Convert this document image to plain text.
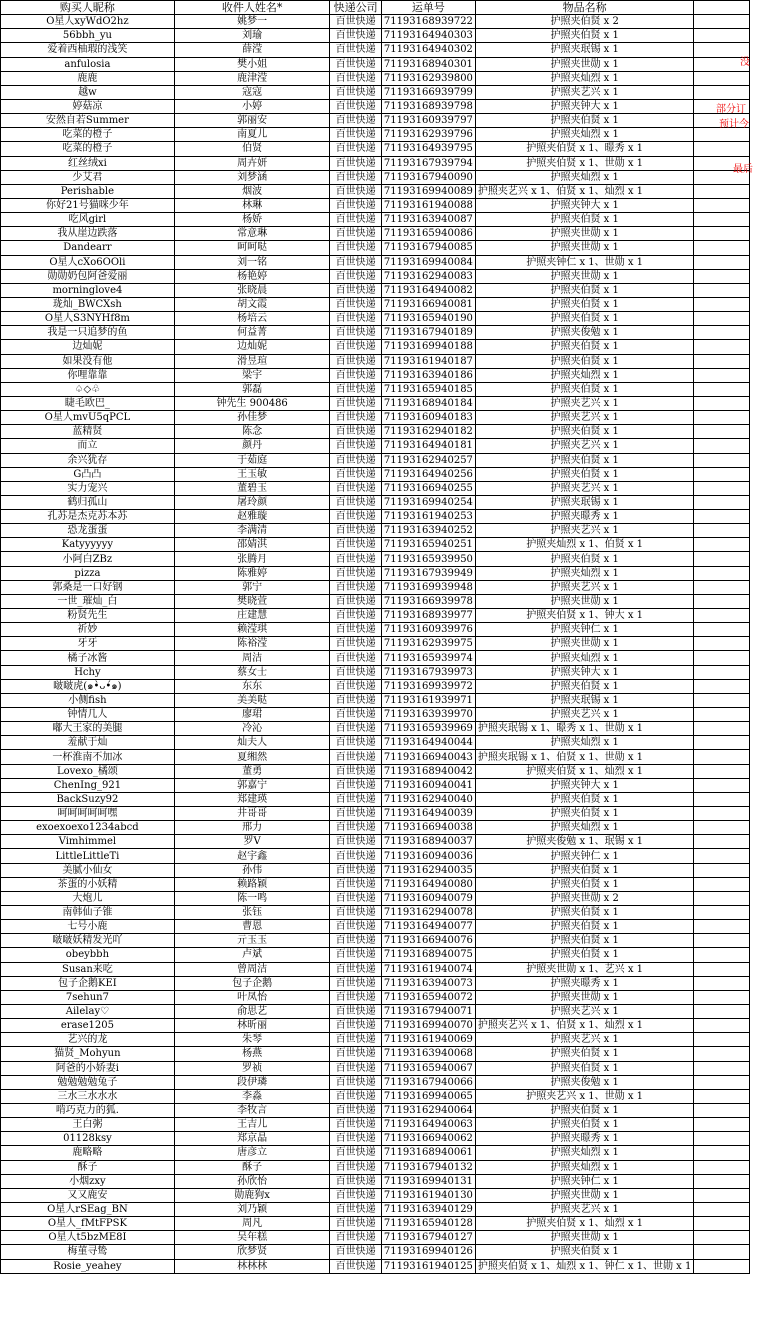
购买人昵称	收件人姓名*	快递公司	运单号	物品名称	
O星人xyWdO2hz	姚梦一	百世快递	71193168939722	护照夹伯贤 x 2	
56bbh_yu	刘瑜	百世快递	71193164940303	护照夹伯贤 x 1	
爱着西柚瑕的浅笑	薛滢	百世快递	71193164940302	护照夹珉锡 x 1	
anfulosia	樊小姐	百世快递	71193168940301	护照夹世勋 x 1	
鹿鹿	鹿津滢	百世快递	71193162939800	护照夹灿烈 x 1	
越w	寇寇	百世快递	71193166939799	护照夹艺兴 x 1	
婷菇凉	小婷	百世快递	71193168939798	护照夹钟大 x 1	
安然自若Summer	郭丽安	百世快递	71193160939797	护照夹伯贤 x 1	
吃菜的橙子	南夏儿	百世快递	71193162939796	护照夹灿烈 x 1	
吃菜的橙子	伯贤	百世快递	71193164939795	护照夹伯贤 x 1、暻秀 x 1	
红丝绒xi	周卉妍	百世快递	71193167939794	护照夹伯贤 x 1、世勋 x 1	
少艾君	刘梦涵	百世快递	71193167940090	护照夹灿烈 x 1	
Perishable	烟波	百世快递	71193169940089	护照夹艺兴 x 1、伯贤 x 1、灿烈 x 1	
你好21号猫咪少年	林琳	百世快递	71193161940088	护照夹钟大 x 1	
吃风girl	杨娇	百世快递	71193163940087	护照夹伯贤 x 1	
我从崖边跌落	常意琳	百世快递	71193165940086	护照夹世勋 x 1	
Dandearr	呵呵哒	百世快递	71193167940085	护照夹世勋 x 1	
O星人cXo6OOli	刘一铭	百世快递	71193169940084	护照夹钟仁 x 1、世勋 x 1	
勋勋奶包阿爸爱丽	杨艳婷	百世快递	71193162940083	护照夹世勋 x 1	
morninglove4	张晓晨	百世快递	71193164940082	护照夹伯贤 x 1	
珑灿_BWCXsh	胡文霞	百世快递	71193166940081	护照夹伯贤 x 1	
O星人S3NYHf8m	杨培云	百世快递	71193165940190	护照夹伯贤 x 1	
我是一只追梦的鱼	何益菁	百世快递	71193167940189	护照夹俊勉 x 1	
边灿妮	边灿妮	百世快递	71193169940188	护照夹伯贤 x 1	
如果没有他	滑昱瑄	百世快递	71193161940187	护照夹伯贤 x 1	
你哩靠靠	梁宇	百世快递	71193163940186	护照夹灿烈 x 1	
♤◇♧	郭磊	百世快递	71193165940185	护照夹伯贤 x 1	
睫毛欧巴_	钟先生 900486	百世快递	71193168940184	护照夹艺兴 x 1	
O星人mvU5qPCL	孙佳梦	百世快递	71193160940183	护照夹艺兴 x 1	
蓝精贤	陈念	百世快递	71193162940182	护照夹伯贤 x 1	
而立	颜丹	百世快递	71193164940181	护照夹艺兴 x 1	
余兴犹存	于茹庭	百世快递	71193162940257	护照夹伯贤 x 1	
G凸凸	王玉敏	百世快递	71193164940256	护照夹伯贤 x 1	
实力宠兴	董碧玉	百世快递	71193166940255	护照夹艺兴 x 1	
鹤归孤山	屠玲颜	百世快递	71193169940254	护照夹珉锡 x 1	
孔苏是杰克苏本苏	赵雅璇	百世快递	71193161940253	护照夹暻秀 x 1	
恐龙蛋蛋	李满清	百世快递	71193163940252	护照夹艺兴 x 1	
Katyyyyyy	邵婧淇	百世快递	71193165940251	护照夹灿烈 x 1、伯贤 x 1	
小阿白ZBz	张腾月	百世快递	71193165939950	护照夹伯贤 x 1	
pizza	陈雅婷	百世快递	71193167939949	护照夹灿烈 x 1	
郭桑是一口好钢	郭宁	百世快递	71193169939948	护照夹艺兴 x 1	
一世_璀灿_白	樊晓萱	百世快递	71193166939978	护照夹世勋 x 1	
粉贤先生	庄建慧	百世快递	71193168939977	护照夹伯贤 x 1、钟大 x 1	
祈妙	赖滢琪	百世快递	71193160939976	护照夹钟仁 x 1	
牙牙	陈裕滢	百世快递	71193162939975	护照夹世勋 x 1	
橘子冰酱	周洁	百世快递	71193165939974	护照夹灿烈 x 1	
Hchy	蔡女士	百世快递	71193167939973	护照夹钟大 x 1	
啵啵虎(๑•̀ᴗ•́๑)	东东	百世快递	71193169939972	护照夹伯贤 x 1	
小侧fish	美美哒	百世快递	71193161939971	护照夹珉锡 x 1	
钟情几人	廖珺	百世快递	71193163939970	护照夹艺兴 x 1	
嘟大王家的美腿	冷沁	百世快递	71193165939969	护照夹珉锡 x 1、暻秀 x 1、世勋 x 1	
羞献于灿	灿夫人	百世快递	71193164940044	护照夹灿烈 x 1	
一杯淮南不加冰	夏缃然	百世快递	71193166940043	护照夹珉锡 x 1、伯贤 x 1、世勋 x 1	
Lovexo_橘颂	董勇	百世快递	71193168940042	护照夹伯贤 x 1、灿烈 x 1	
ChenIng_921	郭嘉宁	百世快递	71193160940041	护照夹钟大 x 1	
BackSuzy92	郑建瑛	百世快递	71193162940040	护照夹伯贤 x 1	
呵呵呵呵呵嘿	井哥哥	百世快递	71193164940039	护照夹伯贤 x 1	
exoexoexo1234abcd	邢力	百世快递	71193166940038	护照夹灿烈 x 1	
Vimhimmel	罗V	百世快递	71193168940037	护照夹俊勉 x 1、珉锡 x 1	
LittleLittleTi	赵宇鑫	百世快递	71193160940036	护照夹钟仁 x 1	
美腻小仙女	孙伟	百世快递	71193162940035	护照夹伯贤 x 1	
茶蛋的小妖精	赖路颖	百世快递	71193164940080	护照夹伯贤 x 1	
大炮儿	陈一鸣	百世快递	71193160940079	护照夹世勋 x 2	
南韩仙子锥	张钰	百世快递	71193162940078	护照夹伯贤 x 1	
七号小鹿	曹恩	百世快递	71193164940077	护照夹伯贤 x 1	
啵啵妖精发光吖	亓玉玉	百世快递	71193166940076	护照夹伯贤 x 1	
obeybbh	卢斌	百世快递	71193168940075	护照夹伯贤 x 1	
Susan来吃	曾周洁	百世快递	71193161940074	护照夹世勋 x 1、艺兴 x 1	
包子企鹅KEI	包子企鹅	百世快递	71193163940073	护照夹暻秀 x 1	
7sehun7	叶凤怡	百世快递	71193165940072	护照夹世勋 x 1	
Ailelay♡	俞思艺	百世快递	71193167940071	护照夹艺兴 x 1	
erase1205	林昕丽	百世快递	71193169940070	护照夹艺兴 x 1、伯贤 x 1、灿烈 x 1	
艺兴的龙	朱琴	百世快递	71193161940069	护照夹艺兴 x 1	
猫贤_Mohyun	杨燕	百世快递	71193163940068	护照夹伯贤 x 1	
阿爸的小娇妻i	罗祯	百世快递	71193165940067	护照夹伯贤 x 1	
勉勉勉勉兔子	段伊璘	百世快递	71193167940066	护照夹俊勉 x 1	
三水三水水水	李淼	百世快递	71193169940065	护照夹艺兴 x 1、世勋 x 1	
啃巧克力的狐.	李牧言	百世快递	71193162940064	护照夹伯贤 x 1	
王白粥	王吉儿	百世快递	71193164940063	护照夹伯贤 x 1	
01128ksy	郑京晶	百世快递	71193166940062	护照夹暻秀 x 1	
鹿略略	唐彦立	百世快递	71193168940061	护照夹灿烈 x 1	
酥子	酥子	百世快递	71193167940132	护照夹灿烈 x 1	
小烟zxy	孙欣怡	百世快递	71193169940131	护照夹钟仁 x 1	
又又鹿安	勋鹿狗x	百世快递	71193161940130	护照夹世勋 x 1	
O星人rSEag_BN	刘乃颖	百世快递	71193163940129	护照夹艺兴 x 1	
O星人_fMtFPSK	周凡	百世快递	71193165940128	护照夹伯贤 x 1、灿烈 x 1	
O星人t5bzME8I	吴年糕	百世快递	71193167940127	护照夹世勋 x 1	
梅菫寻鸷	欣梦贤	百世快递	71193169940126	护照夹伯贤 x 1	
Rosie_yeahey	林林林	百世快递	71193161940125	护照夹伯贤 x 1、灿烈 x 1、钟仁 x 1、世勋 x 1	
没
部分订
预计今
最后
